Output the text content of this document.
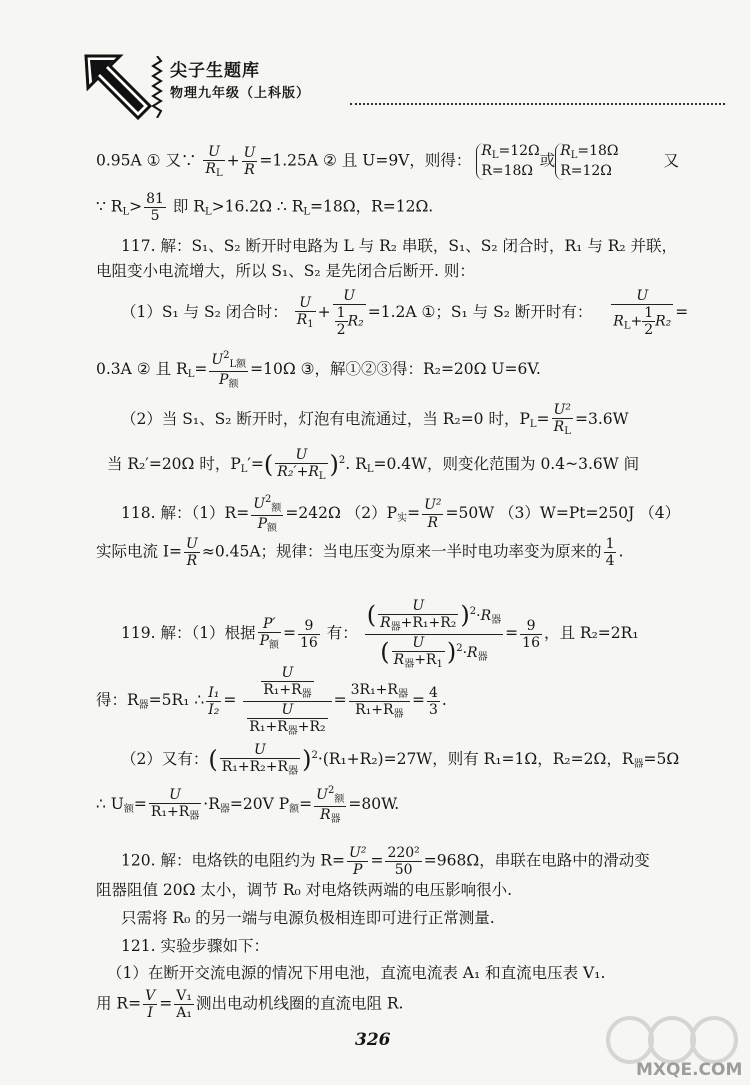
尖子生题库
物理九年级（上科版）
0.95A ① 又∵ $\frac{U}{R_L} + \frac{U}{R} =1.25A$ ② 且 U=9V，则得： $R_L=12\Omega$
R=18Ω或$R_L=18\Omega$
R=12Ω 又
∵ $R_L> \frac{81}{5}$ 即 $R_L>16.2\Omega$ ∴ $R_L=18\Omega$，R=12Ω.
117. 解：S₁、S₂ 断开时电路为 L 与 R₂ 串联，S₁、S₂ 闭合时，R₁ 与 R₂ 并联，
电阻变小电流增大，所以 S₁、S₂ 是先闭合后断开. 则：
（1）S₁ 与 S₂ 闭合时： $\frac{U}{R_1} + \frac{U}{\frac{1}{2} R_2} =1.2A$ ①；S₁ 与 S₂ 断开时有： $\frac{U}{R_L+ \frac{1}{2} R_2}$ =
0.3A ② 且 $R_L= \frac{U^2_{L额}}{P_额} =10\Omega$ ③，解①②③得：R₂=20Ω U=6V.
（2）当 S₁、S₂ 断开时，灯泡有电流通过，当 R₂=0 时，$P_L= \frac{\text{U²}}{R_L} =3.6W$
当 R₂′=20Ω 时，$P_L'=( \frac{U}{R_2'+R_L} )^2$. $R_L=0.4W$，则变化范围为 0.4~3.6W 间
118. 解：$(1)R= \frac{U^2_额}{P_额} =242\Omega$ $(2)P_实= \frac{\text{U²}}{R} =50W$ （3）W=Pt=250J （4）
实际电流 $I= \frac{U}{R} \approx 0.45A$；规律：当电压变为原来一半时电功率变为原来的 $\frac{1}{4}$ .
119. 解：（1）根据 $\frac{P'}{P_额} = \frac{9}{16}$ 有： $\frac{( \frac{U}{R_器+R_1+R_2} )^2\cdot R_器}{( \frac{U}{R_器+R_1} )^2\cdot R_器} = \frac{9}{16}$ ，且 R₂=2R₁
得：$R_器=5R_1$ ∴ $\frac{\text{I₁}}{\text{I₂}} = \frac{\frac{U}{R_1+R_器}}{\frac{U}{R_1+R_器+R_2}} = \frac{3R_1+R_器}{R_1+R_器} = \frac{4}{3}$ .
（2）又有：( $\frac{U}{R_1+R_2+R_器} )^2\cdot(R_1+R_2)=27W$，则有 R₁=1Ω，R₂=2Ω，$R_器=5\Omega$
∴ $U_额= \frac{U}{R_1+R_器} \cdot R_器=20V$ $P_额= \frac{U^2_额}{R_器} =80W$.
120. 解：电烙铁的电阻约为 $R= \frac{\text{U²}}{P} = \frac{\text{220²}}{50} =968\Omega$，串联在电路中的滑动变
阻器阻值 20Ω 太小，调节 R₀ 对电烙铁两端的电压影响很小.
只需将 R₀ 的另一端与电源负极相连即可进行正常测量.
121. 实验步骤如下：
（1）在断开交流电源的情况下用电池，直流电流表 A₁ 和直流电压表 V₁.
用 $R= \frac{V}{I} = \frac{\text{V₁}}{\text{A₁}}$ 测出电动机线圈的直流电阻 R.
326
MXQE.COM
